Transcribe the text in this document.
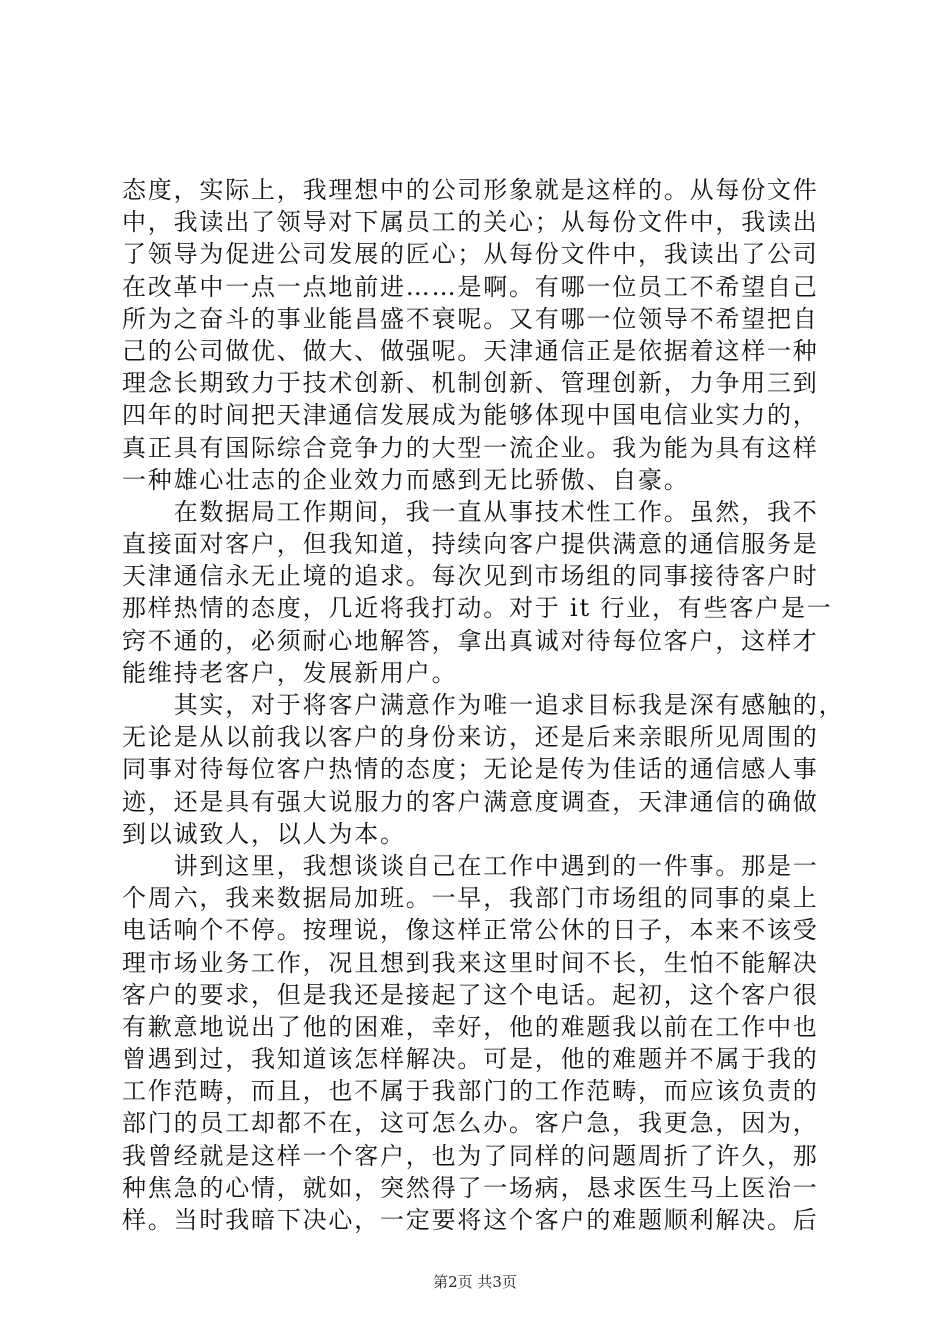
态度，实际上，我理想中的公司形象就是这样的。从每份文件
中，我读出了领导对下属员工的关心；从每份文件中，我读出
了领导为促进公司发展的匠心；从每份文件中，我读出了公司
在改革中一点一点地前进……是啊。有哪一位员工不希望自己
所为之奋斗的事业能昌盛不衰呢。又有哪一位领导不希望把自
己的公司做优、做大、做强呢。天津通信正是依据着这样一种
理念长期致力于技术创新、机制创新、管理创新，力争用三到
四年的时间把天津通信发展成为能够体现中国电信业实力的，
真正具有国际综合竞争力的大型一流企业。我为能为具有这样
一种雄心壮志的企业效力而感到无比骄傲、自豪。
　　在数据局工作期间，我一直从事技术性工作。虽然，我不
直接面对客户，但我知道，持续向客户提供满意的通信服务是
天津通信永无止境的追求。每次见到市场组的同事接待客户时
那样热情的态度，几近将我打动。对于 it 行业，有些客户是一
窍不通的，必须耐心地解答，拿出真诚对待每位客户，这样才
能维持老客户，发展新用户。
　　其实，对于将客户满意作为唯一追求目标我是深有感触的，
无论是从以前我以客户的身份来访，还是后来亲眼所见周围的
同事对待每位客户热情的态度；无论是传为佳话的通信感人事
迹，还是具有强大说服力的客户满意度调查，天津通信的确做
到以诚致人，以人为本。
　　讲到这里，我想谈谈自己在工作中遇到的一件事。那是一
个周六，我来数据局加班。一早，我部门市场组的同事的桌上
电话响个不停。按理说，像这样正常公休的日子，本来不该受
理市场业务工作，况且想到我来这里时间不长，生怕不能解决
客户的要求，但是我还是接起了这个电话。起初，这个客户很
有歉意地说出了他的困难，幸好，他的难题我以前在工作中也
曾遇到过，我知道该怎样解决。可是，他的难题并不属于我的
工作范畴，而且，也不属于我部门的工作范畴，而应该负责的
部门的员工却都不在，这可怎么办。客户急，我更急，因为，
我曾经就是这样一个客户，也为了同样的问题周折了许久，那
种焦急的心情，就如，突然得了一场病，恳求医生马上医治一
样。当时我暗下决心，一定要将这个客户的难题顺利解决。后
第2页 共3页
